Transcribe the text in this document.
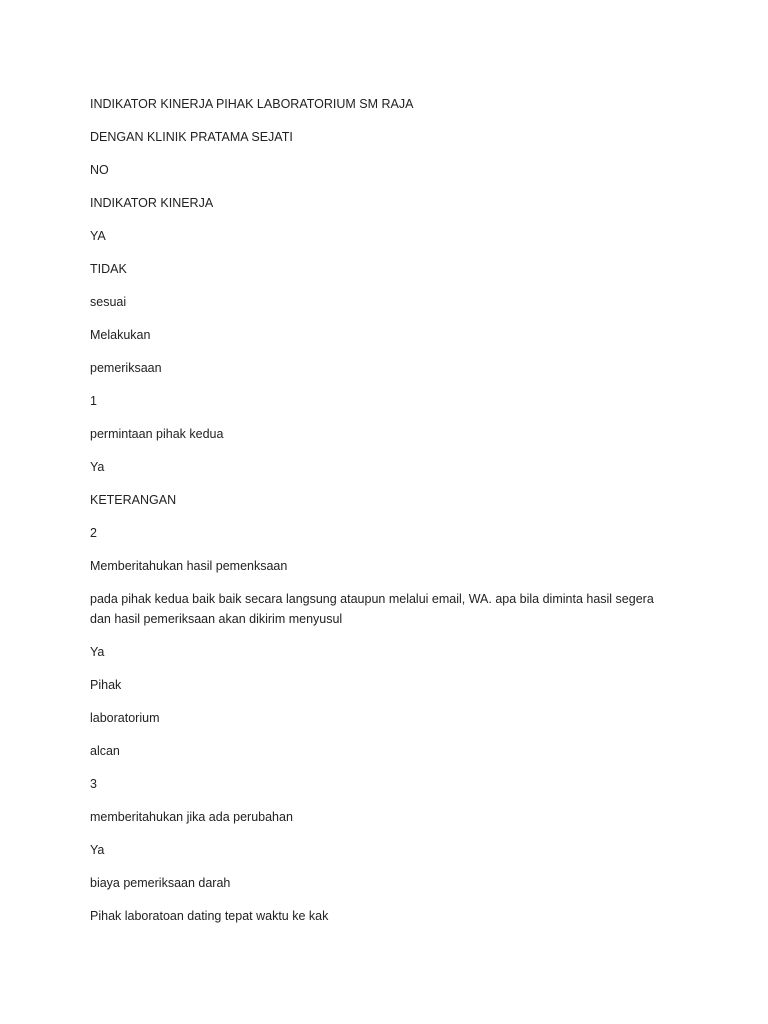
INDIKATOR KINERJA PIHAK LABORATORIUM SM RAJA

DENGAN KLINIK PRATAMA SEJATI

NO

INDIKATOR KINERJA

YA

TIDAK

sesuai

Melakukan

pemeriksaan

1

permintaan pihak kedua

Ya

KETERANGAN

2

Memberitahukan hasil pemenksaan

pada pihak kedua baik baik secara langsung ataupun melalui email, WA. apa bila diminta hasil segera dan hasil pemeriksaan akan dikirim menyusul

Ya

Pihak

laboratorium

alcan

3

memberitahukan jika ada perubahan

Ya

biaya pemeriksaan darah

Pihak laboratoan dating tepat waktu ke kak
